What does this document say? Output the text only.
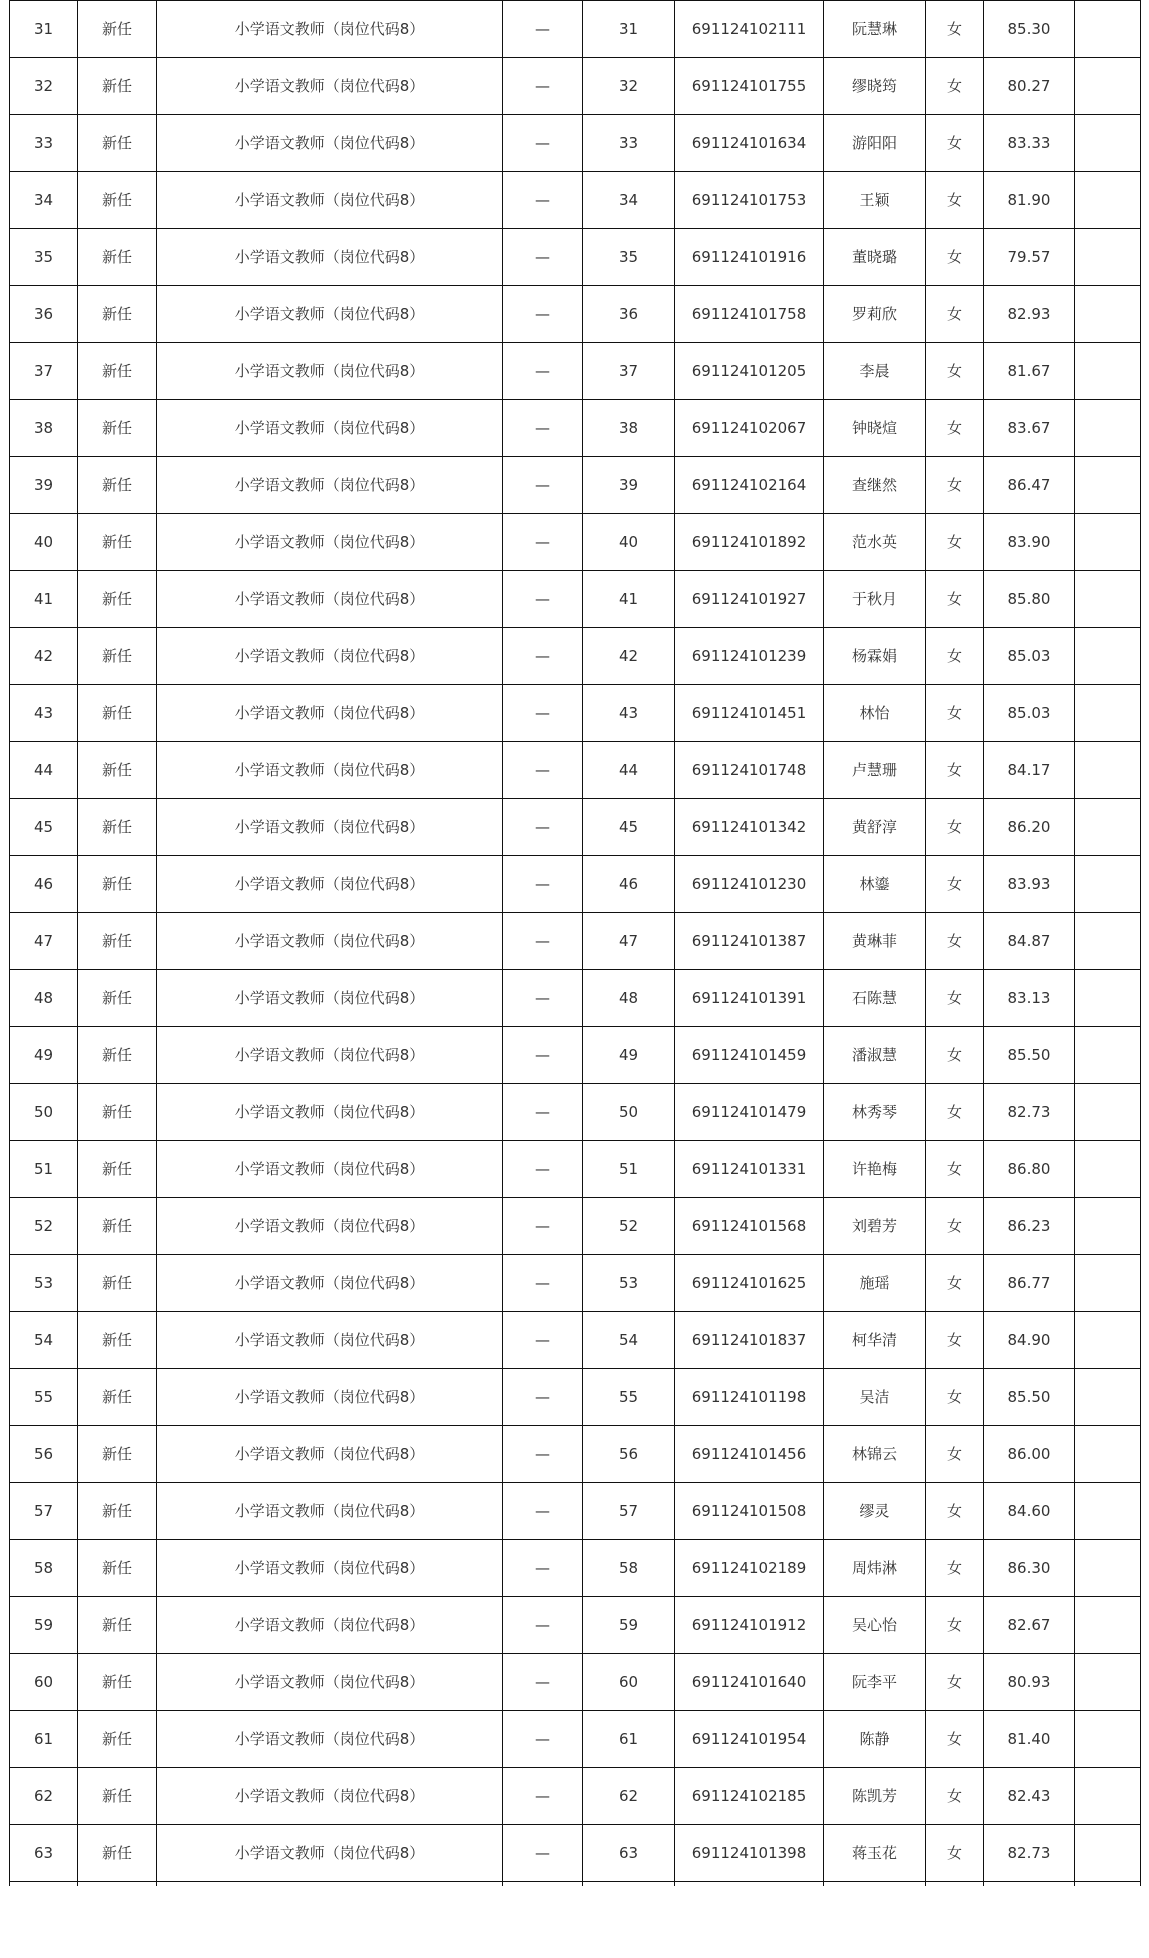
31	新任	小学语文教师（岗位代码8）	—	31	691124102111	阮慧琳	女	85.30	
32	新任	小学语文教师（岗位代码8）	—	32	691124101755	缪晓筠	女	80.27	
33	新任	小学语文教师（岗位代码8）	—	33	691124101634	游阳阳	女	83.33	
34	新任	小学语文教师（岗位代码8）	—	34	691124101753	王颖	女	81.90	
35	新任	小学语文教师（岗位代码8）	—	35	691124101916	董晓璐	女	79.57	
36	新任	小学语文教师（岗位代码8）	—	36	691124101758	罗莉欣	女	82.93	
37	新任	小学语文教师（岗位代码8）	—	37	691124101205	李晨	女	81.67	
38	新任	小学语文教师（岗位代码8）	—	38	691124102067	钟晓煊	女	83.67	
39	新任	小学语文教师（岗位代码8）	—	39	691124102164	查继然	女	86.47	
40	新任	小学语文教师（岗位代码8）	—	40	691124101892	范水英	女	83.90	
41	新任	小学语文教师（岗位代码8）	—	41	691124101927	于秋月	女	85.80	
42	新任	小学语文教师（岗位代码8）	—	42	691124101239	杨霖娟	女	85.03	
43	新任	小学语文教师（岗位代码8）	—	43	691124101451	林怡	女	85.03	
44	新任	小学语文教师（岗位代码8）	—	44	691124101748	卢慧珊	女	84.17	
45	新任	小学语文教师（岗位代码8）	—	45	691124101342	黄舒淳	女	86.20	
46	新任	小学语文教师（岗位代码8）	—	46	691124101230	林鎏	女	83.93	
47	新任	小学语文教师（岗位代码8）	—	47	691124101387	黄琳菲	女	84.87	
48	新任	小学语文教师（岗位代码8）	—	48	691124101391	石陈慧	女	83.13	
49	新任	小学语文教师（岗位代码8）	—	49	691124101459	潘淑慧	女	85.50	
50	新任	小学语文教师（岗位代码8）	—	50	691124101479	林秀琴	女	82.73	
51	新任	小学语文教师（岗位代码8）	—	51	691124101331	许艳梅	女	86.80	
52	新任	小学语文教师（岗位代码8）	—	52	691124101568	刘碧芳	女	86.23	
53	新任	小学语文教师（岗位代码8）	—	53	691124101625	施瑶	女	86.77	
54	新任	小学语文教师（岗位代码8）	—	54	691124101837	柯华清	女	84.90	
55	新任	小学语文教师（岗位代码8）	—	55	691124101198	吴洁	女	85.50	
56	新任	小学语文教师（岗位代码8）	—	56	691124101456	林锦云	女	86.00	
57	新任	小学语文教师（岗位代码8）	—	57	691124101508	缪灵	女	84.60	
58	新任	小学语文教师（岗位代码8）	—	58	691124102189	周炜淋	女	86.30	
59	新任	小学语文教师（岗位代码8）	—	59	691124101912	吴心怡	女	82.67	
60	新任	小学语文教师（岗位代码8）	—	60	691124101640	阮李平	女	80.93	
61	新任	小学语文教师（岗位代码8）	—	61	691124101954	陈静	女	81.40	
62	新任	小学语文教师（岗位代码8）	—	62	691124102185	陈凯芳	女	82.43	
63	新任	小学语文教师（岗位代码8）	—	63	691124101398	蒋玉花	女	82.73	
